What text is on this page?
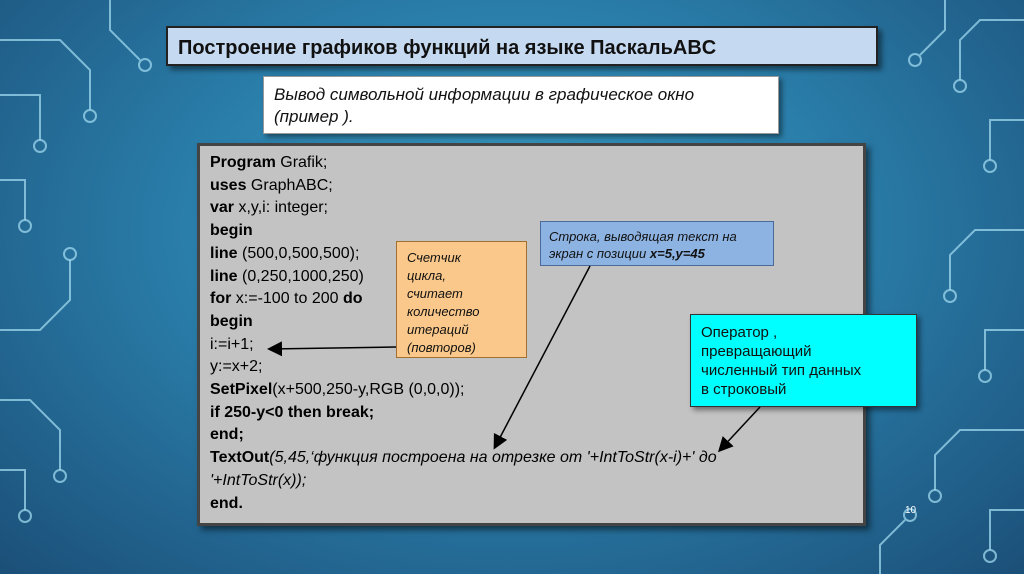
Построение графиков функций на языке ПаскальABC
Вывод символьной информации в графическое окно
(пример ).
Program Grafik;
uses GraphABC;
var x,y,i: integer;
begin
line (500,0,500,500);
line (0,250,1000,250)
for x:=-100 to 200 do
begin
i:=i+1;
y:=x+2;
SetPixel(x+500,250-y,RGB (0,0,0));
if 250-y<0 then break;
end;
TextOut(5,45,‘функция построена на отрезке от '+IntToStr(x-i)+' до
'+IntToStr(x));
end.
Счетчик
цикла,
считает
количество
итераций
(повторов)
Строка, выводящая текст на
экран с позиции x=5,y=45
Оператор ,
превращающий
численный тип данных
в строковый
10
